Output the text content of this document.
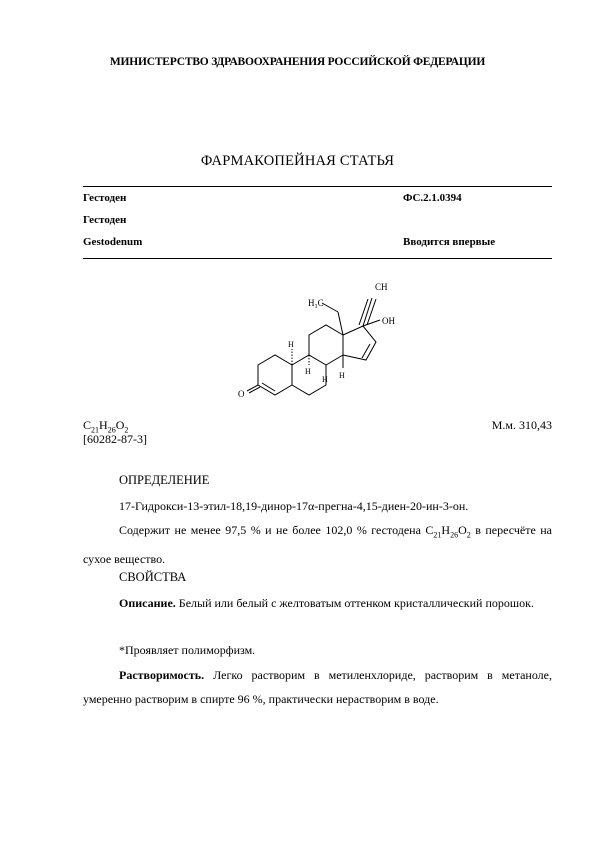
МИНИСТЕРСТВО ЗДРАВООХРАНЕНИЯ РОССИЙСКОЙ ФЕДЕРАЦИИ
ФАРМАКОПЕЙНАЯ СТАТЬЯ
Гестоден	ФС.2.1.0394
Гестоден
Gestodenum	Вводится впервые
CH
OH
H₃C
O
H
H
H H
$C_{21}H_{26}O_2$	М.м. 310,43
[60282-87-3]
ОПРЕДЕЛЕНИЕ
17-Гидрокси-13-этил-18,19-динор-17α-прегна-4,15-диен-20-ин-3-он.
Содержит не менее 97,5 % и не более 102,0 % гестодена $C_{21}H_{26}O_2$ в пересчёте на сухое вещество.
СВОЙСТВА
Описание. Белый или белый с желтоватым оттенком кристаллический порошок.
*Проявляет полиморфизм.
Растворимость. Легко растворим в метиленхлориде, растворим в метаноле, умеренно растворим в спирте 96 %, практически нерастворим в воде.
